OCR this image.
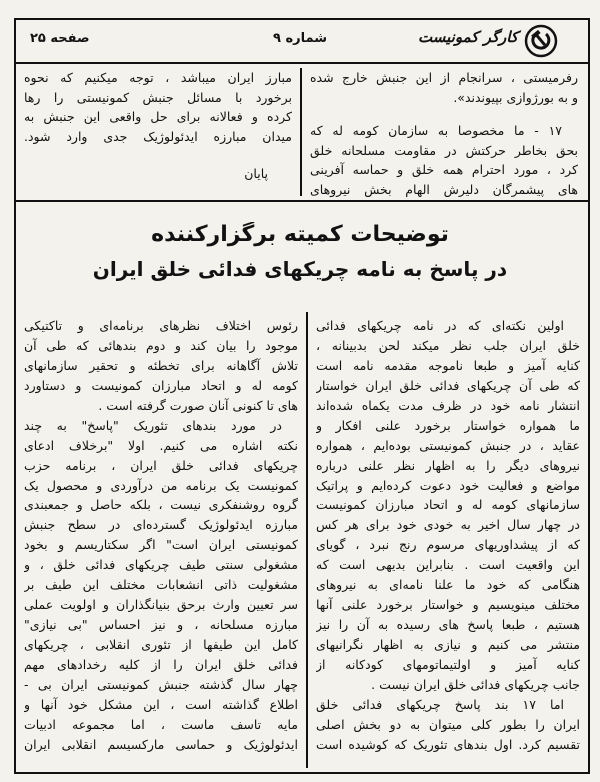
کارگر کمونیست
شماره ۹
صفحه ۲۵
رفرمیستی ، سرانجام از این جنبش خارج شده
و به بورژوازی بپیوندند».
۱۷ - ما مخصوصا به سازمان کومه له که
بحق بخاطر حرکتش در مقاومت مسلحانه خلق
کرد ، مورد احترام همه خلق و حماسه آفرینی
های پیشمرگان دلیرش الهام بخش نیروهای
مبارز ایران میباشد ، توجه میکنیم که نحوه
برخورد با مسائل جنبش کمونیستی را رها
کرده و فعالانه برای حل واقعی این جنبش به
میدان مبارزه ایدئولوژیک جدی وارد شود.
پایان
توضیحات کمیته برگزارکننده
در پاسخ به نامه چریکهای فدائی خلق ایران
اولین نکته‌ای که در نامه چریکهای فدائی
خلق ایران جلب نظر میکند لحن بدبینانه ،
کنایه آمیز و طبعا ناموجه مقدمه نامه است
که طی آن چریکهای فدائی خلق ایران خواستار
انتشار نامه خود در ظرف مدت یکماه شده‌اند
ما همواره خواستار برخورد علنی افکار و
عقاید ، در جنبش کمونیستی بوده‌ایم ، همواره
نیروهای دیگر را به اظهار نظر علنی درباره
مواضع و فعالیت خود دعوت کرده‌ایم و پراتیک
سازمانهای کومه له و اتحاد مبارزان کمونیست
در چهار سال اخیر به خودی خود برای هر کس
که از پیشداوریهای مرسوم رنج نبرد ، گویای
این واقعیت است . بنابراین بدیهی است که
هنگامی که خود ما علنا نامه‌ای به نیروهای
مختلف مینویسیم و خواستار برخورد علنی آنها
هستیم ، طبعا پاسخ های رسیده به آن را نیز
منتشر می کنیم و نیازی به اظهار نگرانیهای
کنایه آمیز و اولتیماتومهای کودکانه از
جانب چریکهای فدائی خلق ایران نیست .
اما ۱۷ بند پاسخ چریکهای فدائی خلق
ایران را بطور کلی میتوان به دو بخش اصلی
تقسیم کرد. اول بندهای تئوریک که کوشیده است
رئوس اختلاف نظرهای برنامه‌ای و تاکتیکی
موجود را بیان کند و دوم بندهائی که طی آن
تلاش آگاهانه برای تخطئه و تحقیر سازمانهای
کومه له و اتحاد مبارزان کمونیست و دستاورد
های تا کنونی آنان صورت گرفته است .
در مورد بندهای تئوریک "پاسخ" به چند
نکته اشاره می کنیم. اولا "برخلاف ادعای
چریکهای فدائی خلق ایران ، برنامه حزب
کمونیست یک برنامه من درآوردی و محصول یک
گروه روشنفکری نیست ، بلکه حاصل و جمعبندی
مبارزه ایدئولوژیک گسترده‌ای در سطح جنبش
کمونیستی ایران است" اگر سکتاریسم و بخود
مشغولی سنتی طیف چریکهای فدائی خلق ، و
مشغولیت ذاتی انشعابات مختلف این طیف بر
سر تعیین وارث برحق بنیانگذاران و اولویت عملی
مبارزه مسلحانه ، و نیز احساس "بی نیازی"
کامل این طیفها از تئوری انقلابی ، چریکهای
فدائی خلق ایران را از کلیه رخدادهای مهم
چهار سال گذشته جنبش کمونیستی ایران بی -
اطلاع گذاشته است ، این مشکل خود آنها و
مایه تاسف ماست ، اما مجموعه ادبیات
ایدئولوژیک و حماسی مارکسیسم انقلابی ایران
